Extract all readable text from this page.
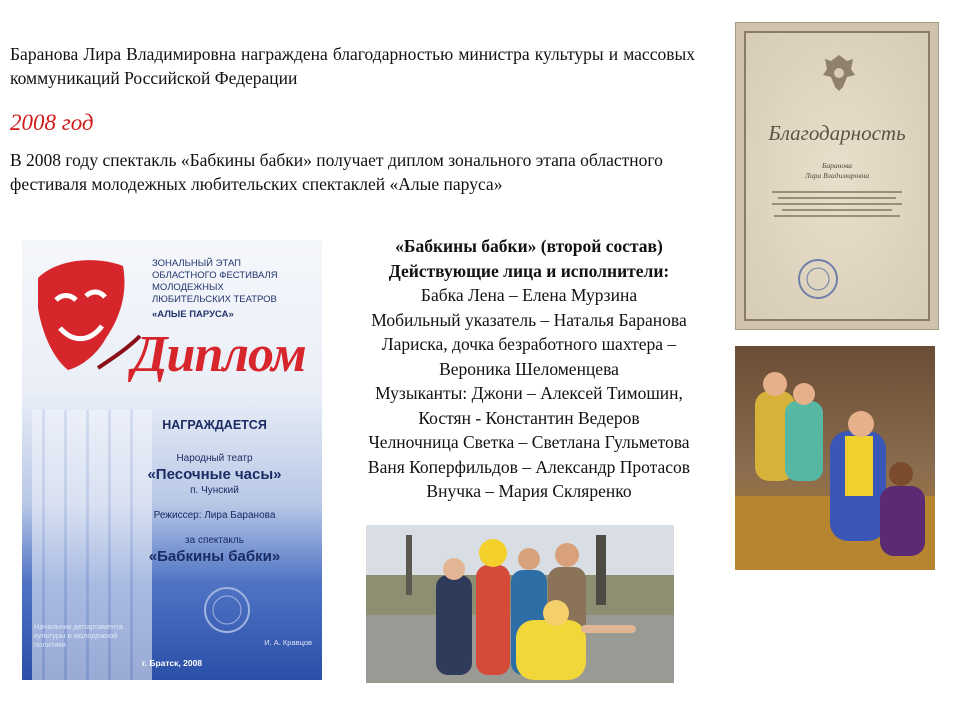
Баранова Лира Владимировна награждена благодарностью министра культуры и массовых коммуникаций Российской Федерации
2008 год
В 2008 году спектакль «Бабкины бабки» получает диплом зонального этапа областного фестиваля молодежных любительских спектаклей «Алые паруса»
ЗОНАЛЬНЫЙ ЭТАП
ОБЛАСТНОГО ФЕСТИВАЛЯ
МОЛОДЕЖНЫХ
ЛЮБИТЕЛЬСКИХ ТЕАТРОВ
«АЛЫЕ ПАРУСА»
Диплом
НАГРАЖДАЕТСЯ
Народный театр
«Песочные часы»
п. Чунский
Режиссер: Лира Баранова
за спектакль
«Бабкины бабки»
Начальник департамента культуры и молодежной политики	И. А. Кравцов
г. Братск, 2008
«Бабкины бабки» (второй состав)
Действующие лица и исполнители:
Бабка Лена – Елена Мурзина
Мобильный указатель – Наталья Баранова
Лариска, дочка безработного шахтера –
Вероника Шеломенцева
Музыканты: Джони – Алексей Тимошин,
Костян - Константин Ведеров
Челночница Светка – Светлана Гульметова
Ваня Коперфильдов – Александр Протасов
Внучка – Мария Скляренко
Благодарность
Баранова
Лира Владимировна
